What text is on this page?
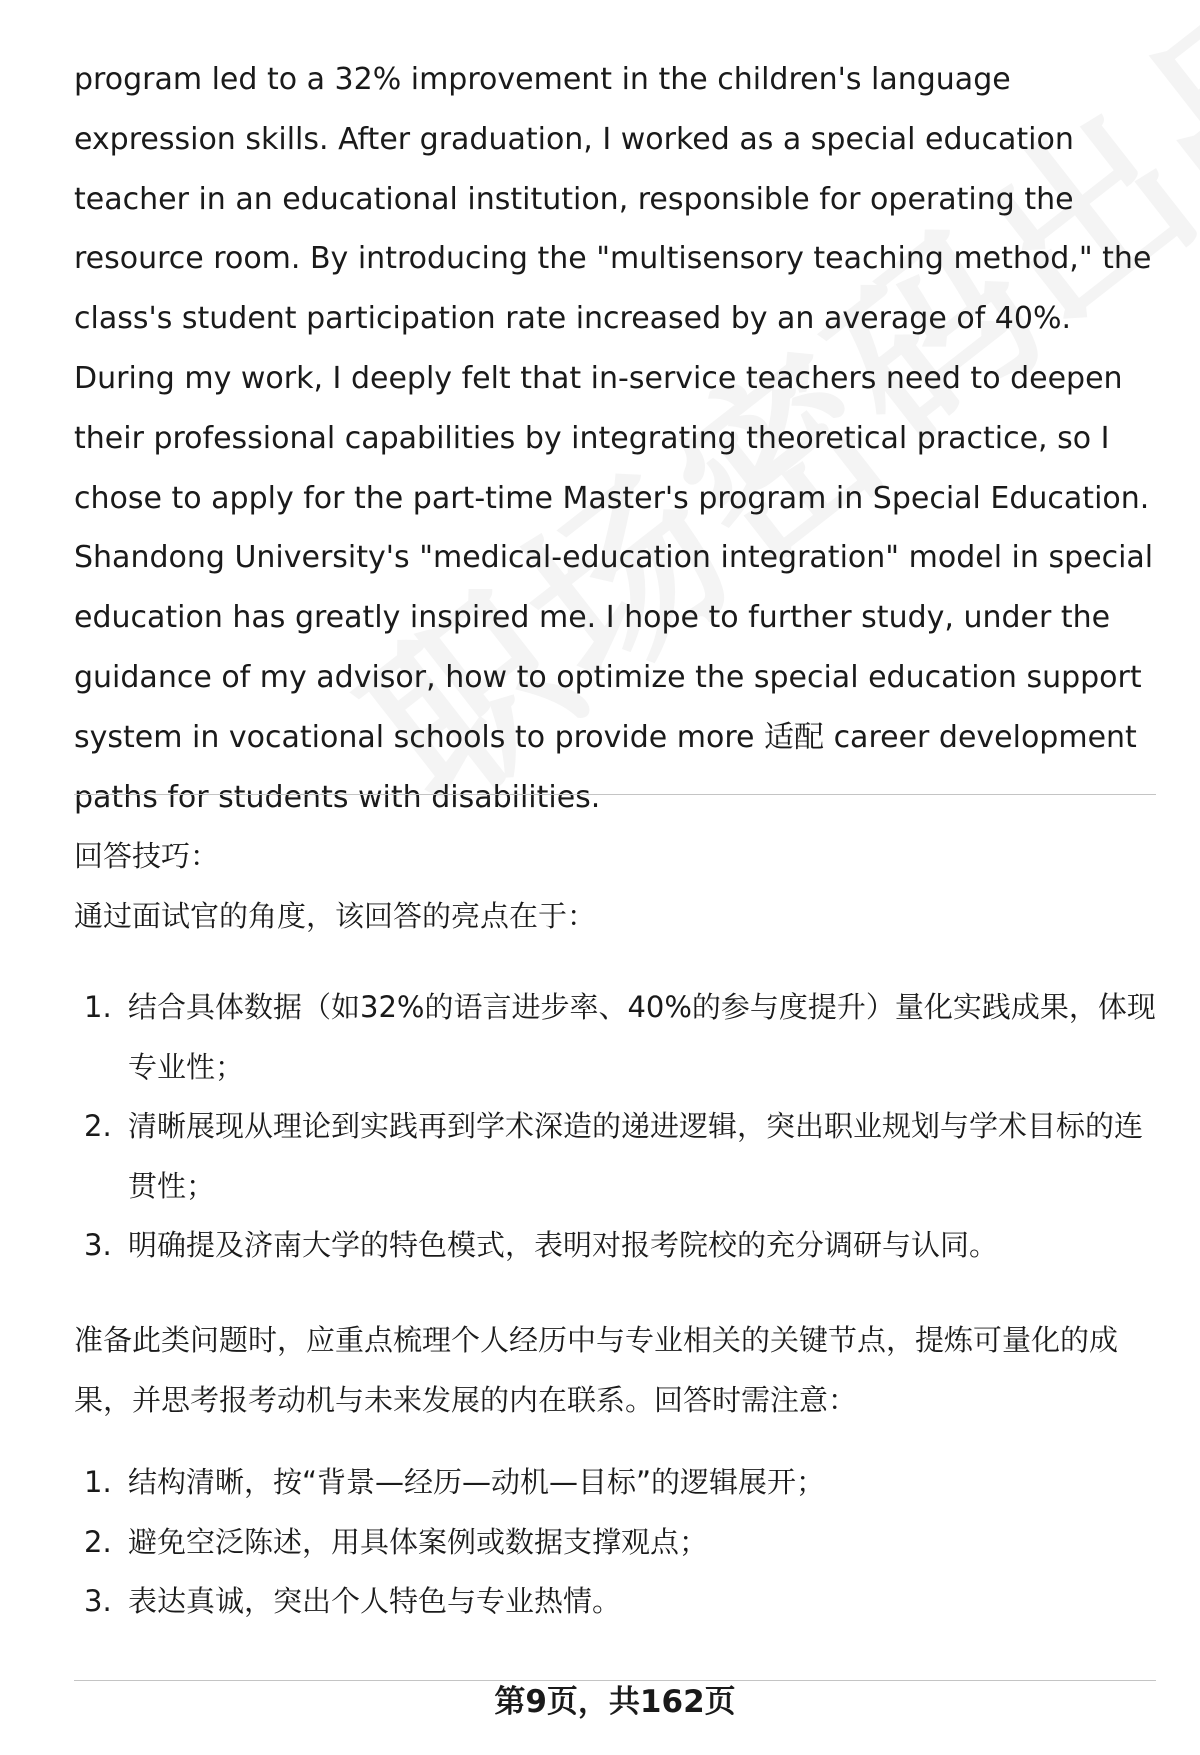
program led to a 32% improvement in the children's language expression skills. After graduation, I worked as a special education teacher in an educational institution, responsible for operating the resource room. By introducing the "multisensory teaching method," the class's student participation rate increased by an average of 40%. During my work, I deeply felt that in-service teachers need to deepen their professional capabilities by integrating theoretical practice, so I chose to apply for the part-time Master's program in Special Education. Shandong University's "medical-education integration" model in special education has greatly inspired me. I hope to further study, under the guidance of my advisor, how to optimize the special education support system in vocational schools to provide more 适配 career development paths for students with disabilities.

回答技巧：

通过面试官的角度，该回答的亮点在于：

1. 结合具体数据（如32%的语言进步率、40%的参与度提升）量化实践成果，体现专业性；
2. 清晰展现从理论到实践再到学术深造的递进逻辑，突出职业规划与学术目标的连贯性；
3. 明确提及济南大学的特色模式，表明对报考院校的充分调研与认同。

准备此类问题时，应重点梳理个人经历中与专业相关的关键节点，提炼可量化的成果，并思考报考动机与未来发展的内在联系。回答时需注意：

1. 结构清晰，按“背景—经历—动机—目标”的逻辑展开；
2. 避免空泛陈述，用具体案例或数据支撑观点；
3. 表达真诚，突出个人特色与专业热情。

第9页，共162页
